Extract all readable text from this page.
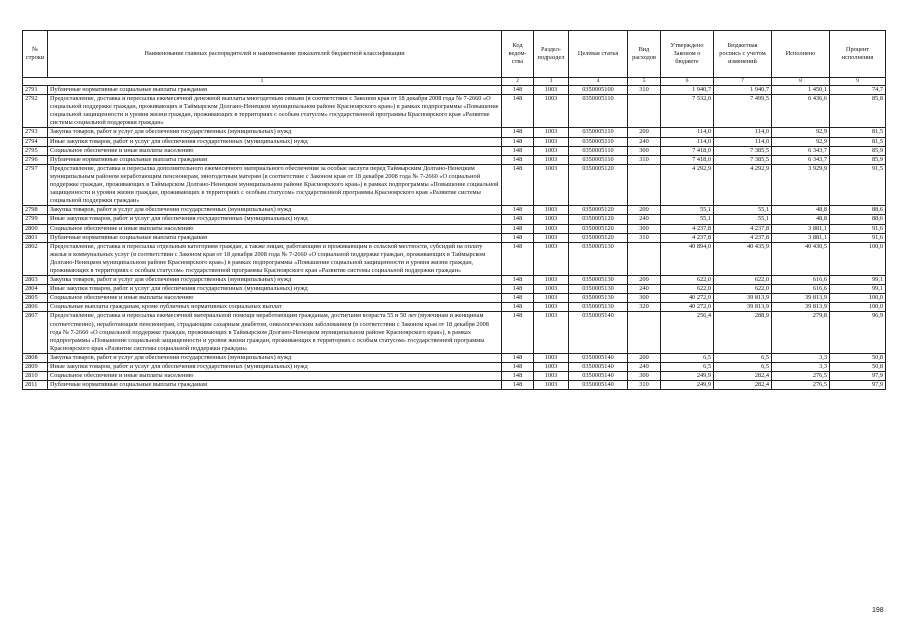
№ строки	Наименование главных распорядителей и наименование показателей бюджетной классификации	Код ведом-ства	Раздел-подраздел	Целевая статья	Вид расходов	Утверждено Законом о бюджете	Бюджетная роспись с учетом изменений	Исполнено	Процент исполнения
1		2	3	4	5	6	7	8	9
2791	Публичные нормативные социальные выплаты гражданам	148	1003	0350005100	310	1 940,7	1 940,7	1 450,1	74,7
2792	Предоставление, доставка и пересылка ежемесячной денежной выплаты многодетным семьям (в соответствии с Законом края от 18 декабря 2008 года № 7-2660 «О социальной поддержке граждан, проживающих в Таймырском Долгано-Ненецком муниципальном районе Красноярского края») в рамках подпрограммы «Повышение социальной защищенности и уровня жизни граждан, проживающих в территориях с особым статусом» государственной программы Красноярского края «Развитие системы социальной поддержки граждан»	148	1003	0350005110		7 532,0	7 499,5	6 436,6	85,8
2793	Закупка товаров, работ и услуг для обеспечения государственных (муниципальных) нужд	148	1003	0350005110	200	114,0	114,0	92,9	81,5
2794	Иные закупки товаров, работ и услуг для обеспечения государственных (муниципальных) нужд	148	1003	0350005110	240	114,0	114,0	92,9	81,5
2795	Социальное обеспечение и иные выплаты населению	148	1003	0350005110	300	7 418,0	7 385,5	6 343,7	85,9
2796	Публичные нормативные социальные выплаты гражданам	148	1003	0350005110	310	7 418,0	7 385,5	6 343,7	85,9
2797	Предоставление, доставка и пересылка дополнительного ежемесячного материального обеспечения за особые заслуги перед Таймырским Долгано-Ненецким муниципальным районом неработающим пенсионерам, многодетным матерям (в соответствие с Законом края от 18 декабря 2008 года № 7-2660 «О социальной поддержке граждан, проживающих в Таймырском Долгано-Ненецком муниципальном районе Красноярского края») в рамках подпрограммы «Повышение социальной защищенности и уровня жизни граждан, проживающих в территориях с особым статусом» государственной программы Красноярского края «Развитие системы социальной поддержки граждан»	148	1003	0350005120		4 292,9	4 292,9	3 929,9	91,5
2798	Закупка товаров, работ и услуг для обеспечения государственных (муниципальных) нужд	148	1003	0350005120	200	55,1	55,1	48,8	88,6
2799	Иные закупки товаров, работ и услуг для обеспечения государственных (муниципальных) нужд	148	1003	0350005120	240	55,1	55,1	48,8	88,6
2800	Социальное обеспечение и иные выплаты населению	148	1003	0350005120	300	4 237,8	4 237,8	3 881,1	91,6
2801	Публичные нормативные социальные выплаты гражданам	148	1003	0350005120	310	4 237,8	4 237,8	3 881,1	91,6
2802	Предоставление, доставка и пересылка отдельным категориям граждан, а также лицам, работающим и проживающим в сельской местности, субсидий на оплату жилья и коммунальных услуг (в соответствии с Законом края от 18 декабря 2008 года № 7-2660 «О социальной поддержке граждан, проживающих в Таймырском Долгано-Ненецком муниципальном районе Красноярского края») в рамках подпрограммы «Повышение социальной защищенности и уровня жизни граждан, проживающих в территориях с особым статусом» государственной программы Красноярского края «Развитие системы социальной поддержки граждан»	148	1003	0350005130		40 894,0	40 435,9	40 430,5	100,0
2803	Закупка товаров, работ и услуг для обеспечения государственных (муниципальных) нужд	148	1003	0350005130	200	622,0	622,0	616,6	99,1
2804	Иные закупки товаров, работ и услуг для обеспечения государственных (муниципальных) нужд	148	1003	0350005130	240	622,0	622,0	616,6	99,1
2805	Социальное обеспечение и иные выплаты населению	148	1003	0350005130	300	40 272,0	39 813,9	39 813,9	100,0
2806	Социальные выплаты гражданам, кроме публичных нормативных социальных выплат	148	1003	0350005130	320	40 272,0	39 813,9	39 813,9	100,0
2807	Предоставление, доставка и пересылка ежемесячной материальной помощи неработающим гражданам, достигшим возраста 55 и 50 лет (мужчинам и женщинам соответственно), неработающим пенсионерам, страдающим сахарным диабетом, онкологическим заболеванием (в соответствии с Законом края от 18 декабря 2008 года № 7-2660 «О социальной поддержке граждан, проживающих в Таймырском Долгано-Ненецком муниципальном районе Красноярского края»), в рамках подпрограммы «Повышение социальной защищенности и уровня жизни граждан, проживающих в территориях с особым статусом» государственной программы Красноярского края «Развитие системы социальной поддержки граждан»	148	1003	0350005140		256,4	288,9	279,8	96,9
2808	Закупка товаров, работ и услуг для обеспечения государственных (муниципальных) нужд	148	1003	0350005140	200	6,5	6,5	3,3	50,8
2809	Иные закупки товаров, работ и услуг для обеспечения государственных (муниципальных) нужд	148	1003	0350005140	240	6,5	6,5	3,3	50,8
2810	Социальное обеспечение и иные выплаты населению	148	1003	0350005140	300	249,9	282,4	276,5	97,9
2811	Публичные нормативные социальные выплаты гражданам	148	1003	0350005140	310	249,9	282,4	276,5	97,9
198
